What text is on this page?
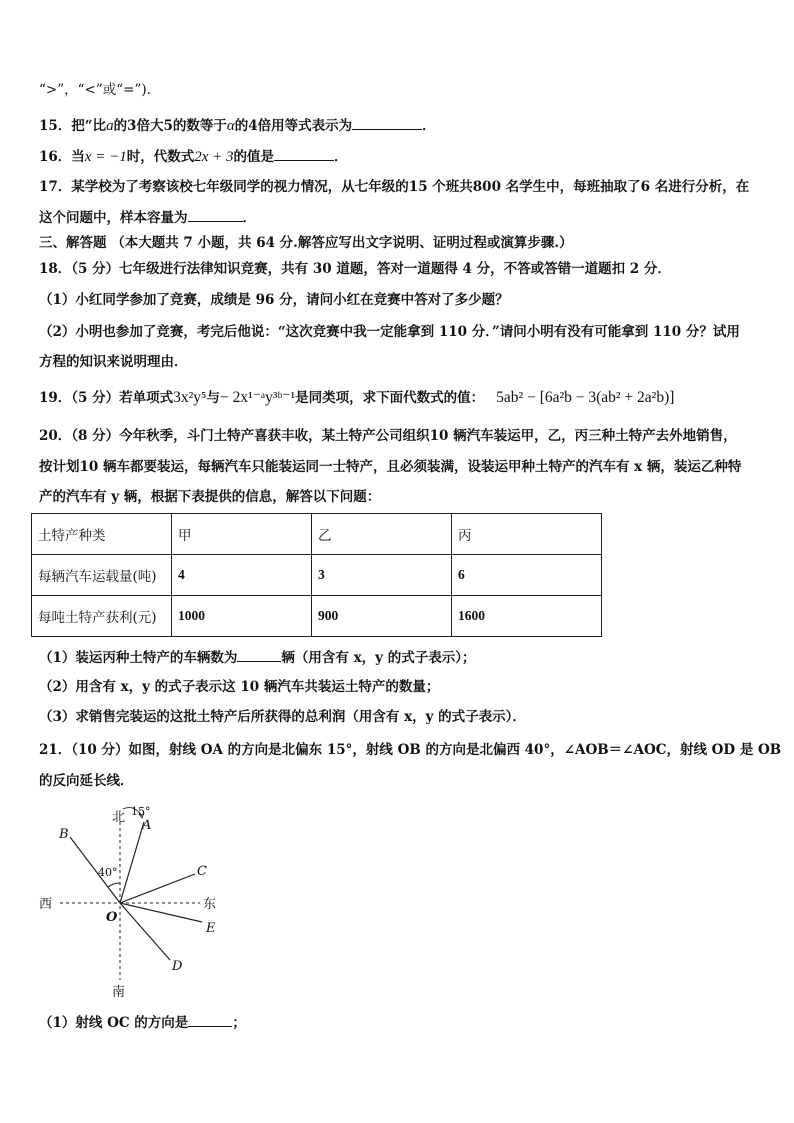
“>”，“<”或“=”).
15．把“比a的3倍大5的数等于α的4倍用等式表示为	．
16．当x = −1时，代数式2x + 3的值是	．
17．某学校为了考察该校七年级同学的视力情况，从七年级的15 个班共800 名学生中，每班抽取了6 名进行分析，在
这个问题中，样本容量为	．
三、解答题 （本大题共 7 小题，共 64 分.解答应写出文字说明、证明过程或演算步骤.）
18．（5 分）七年级进行法律知识竞赛，共有 30 道题，答对一道题得 4 分，不答或答错一道题扣 2 分．
（1）小红同学参加了竞赛，成绩是 96 分，请问小红在竞赛中答对了多少题？
（2）小明也参加了竞赛，考完后他说：“这次竞赛中我一定能拿到 110 分．”请问小明有没有可能拿到 110 分？试用
方程的知识来说明理由．
19．（5 分）若单项式3x²y⁵与− 2x¹⁻ᵃy³ᵇ⁻¹是同类项，求下面代数式的值： 5ab² − [6a²b − 3(ab² + 2a²b)]
20．（8 分）今年秋季，斗门土特产喜获丰收，某土特产公司组织10 辆汽车装运甲，乙，丙三种土特产去外地销售，
按计划10 辆车都要装运，每辆汽车只能装运同一士特产，且必须装满，设装运甲种土特产的汽车有 x 辆，装运乙种特
产的汽车有 y 辆，根据下表提供的信息，解答以下问题：
土特产种类	甲	乙	丙
每辆汽车运载量(吨)	4	3	6
每吨土特产获利(元)	1000	900	1600
（1）装运丙种土特产的车辆数为	辆（用含有 x，y 的式子表示）；
（2）用含有 x，y 的式子表示这 10 辆汽车共装运土特产的数量；
（3）求销售完装运的这批土特产后所获得的总利润（用含有 x，y 的式子表示）．
21．（10 分）如图，射线 OA 的方向是北偏东 15°，射线 OB 的方向是北偏西 40°，∠AOB＝∠AOC，射线 OD 是 OB
的反向延长线．
北
南
西	东
O
A
B
C
D
E
15°
40°
（1）射线 OC 的方向是	；
